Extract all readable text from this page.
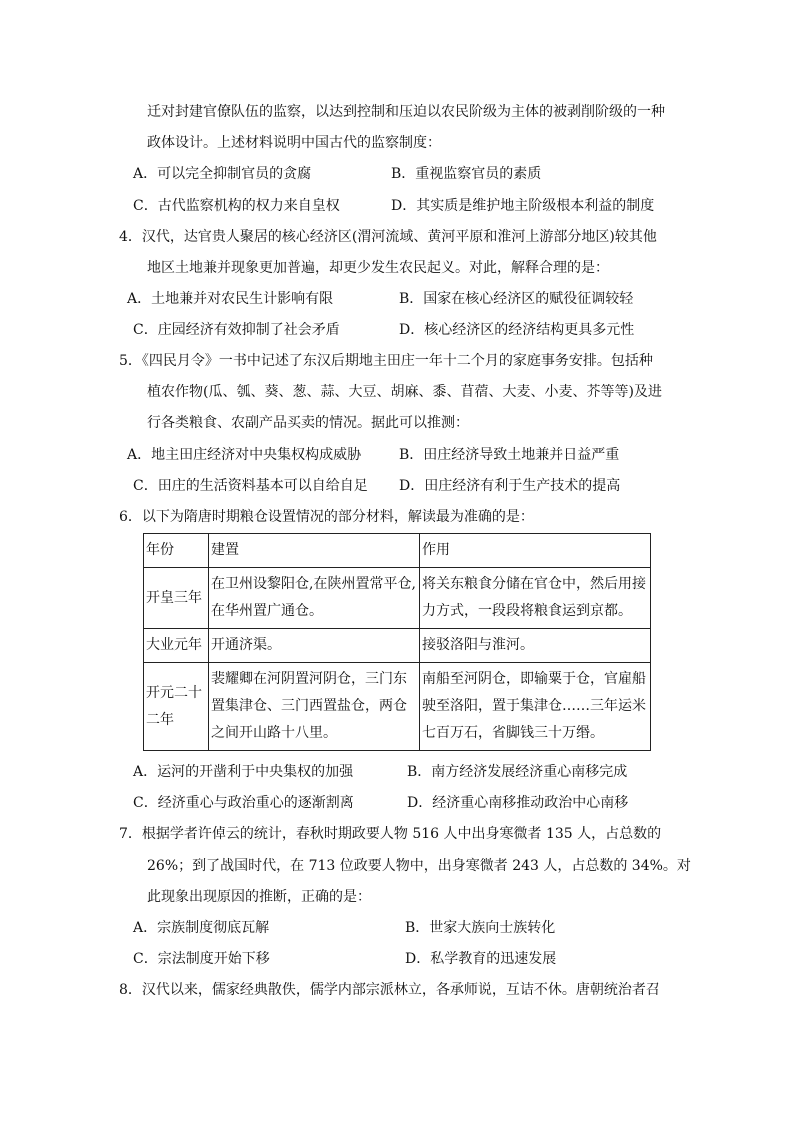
迁对封建官僚队伍的监察，以达到控制和压迫以农民阶级为主体的被剥削阶级的一种
政体设计。上述材料说明中国古代的监察制度：
A．可以完全抑制官员的贪腐	B．重视监察官员的素质
C．古代监察机构的权力来自皇权	D．其实质是维护地主阶级根本利益的制度
4．汉代，达官贵人聚居的核心经济区(渭河流域、黄河平原和淮河上游部分地区)较其他
地区土地兼并现象更加普遍，却更少发生农民起义。对此，解释合理的是：
A．土地兼并对农民生计影响有限	B．国家在核心经济区的赋役征调较轻
C．庄园经济有效抑制了社会矛盾	D．核心经济区的经济结构更具多元性
5．《四民月令》一书中记述了东汉后期地主田庄一年十二个月的家庭事务安排。包括种
植农作物(瓜、瓠、葵、葱、蒜、大豆、胡麻、黍、苜蓿、大麦、小麦、芥等等)及进
行各类粮食、农副产品买卖的情况。据此可以推测：
A．地主田庄经济对中央集权构成威胁	B．田庄经济导致土地兼并日益严重
C．田庄的生活资料基本可以自给自足 D．田庄经济有利于生产技术的提高
6．以下为隋唐时期粮仓设置情况的部分材料，解读最为准确的是：
年份	建置	作用
开皇三年	在卫州设黎阳仓,在陕州置常平仓,在华州置广通仓。	将关东粮食分储在官仓中，然后用接力方式，一段段将粮食运到京都。
大业元年	开通济渠。	接驳洛阳与淮河。
开元二十二年	裴耀卿在河阴置河阴仓，三门东置集津仓、三门西置盐仓，两仓之间开山路十八里。	南船至河阴仓，即输粟于仓，官雇船驶至洛阳，置于集津仓……三年运米七百万石，省脚钱三十万缗。
A．运河的开凿利于中央集权的加强	B．南方经济发展经济重心南移完成
C．经济重心与政治重心的逐渐割离	D．经济重心南移推动政治中心南移
7．根据学者许倬云的统计，春秋时期政要人物 516 人中出身寒微者 135 人，占总数的
26%；到了战国时代，在 713 位政要人物中，出身寒微者 243 人，占总数的 34%。对
此现象出现原因的推断，正确的是：
A．宗族制度彻底瓦解	B．世家大族向士族转化
C．宗法制度开始下移	D．私学教育的迅速发展
8．汉代以来，儒家经典散佚，儒学内部宗派林立，各承师说，互诘不休。唐朝统治者召
